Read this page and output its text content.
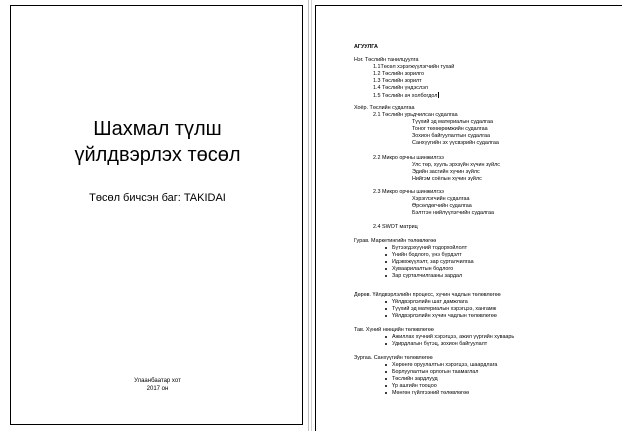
Шахмал түлш
үйлдвэрлэх төсөл
Төсөл бичсэн баг: TAKIDAI
Улаанбаатар хот
2017 он
АГУУЛГА
Нэг. Төслийн танилцуулга
1.1Төсөл хэрэгжүүлэгчийн тухай
1.2 Төслийн зорилго
1.3 Төслийн зорилт
1.4 Төслийн үндэслэл
1.5 Төслийн ач холбогдол
Хоёр. Төслийн судалгаа
2.1 Төслийн урьдчилсан судалгаа
Түүхий эд материалын судалгаа
Тоног төхөөрөмжийн судалгаа
Зохион байгуулалтын судалгаа
Санхүүгийн эх үүсвэрийн судалгаа
2.2 Микро орчны шинжилгээ
Улс төр, хууль эрхзүйн хүчин зүйлс
Эдийн засгийн хүчин зүйлс
Нийгэм соёлын хүчин зүйлс
2.3 Микро орчны шинжилгээ
Хэрэглэгчийн судалгаа
Өрсөлдөгчийн судалгаа
Бэлтгэн нийлүүлэгчийн судалгаа
2.4 SWOT матриц
Гурав. Маркетингийн төлөвлөгөө
Бүтээгдэхүүний тодорхойлолт
Үнийн бодлого, үнэ бүрдэлт
Идэвхжүүлэлт, зар сурталчилгаа
Хуваарилалтын бодлого
Зар сурталчилгааны зардал
Дөрөв. Үйлдвэрлэлийн процесс, хүчин чадлын төлөвлөгөө
Үйлдвэрлэлийн шат дамжлага
Түүхий эд материалын хэрэгцээ, хангамж
Үйлдвэрлэлийн хүчин чадлын төлөвлөгөө
Тав. Хүний нөөцийн төлөвлөгөө
Ажиллах хүчний хэрэгцээ, ажил үүргийн хуваарь
Удирдлагын бүтэц, зохион байгуулалт
Зургаа. Санхүүгийн төлөвлөгөө
Хөрөнгө оруулалтын хэрэгцээ, шаардлага
Борлуулалтын орлогын таамаглал
Төслийн зардлууд
Үр ашгийн тооцоо
Мөнгөн гүйлгээний төлөвлөгөө
